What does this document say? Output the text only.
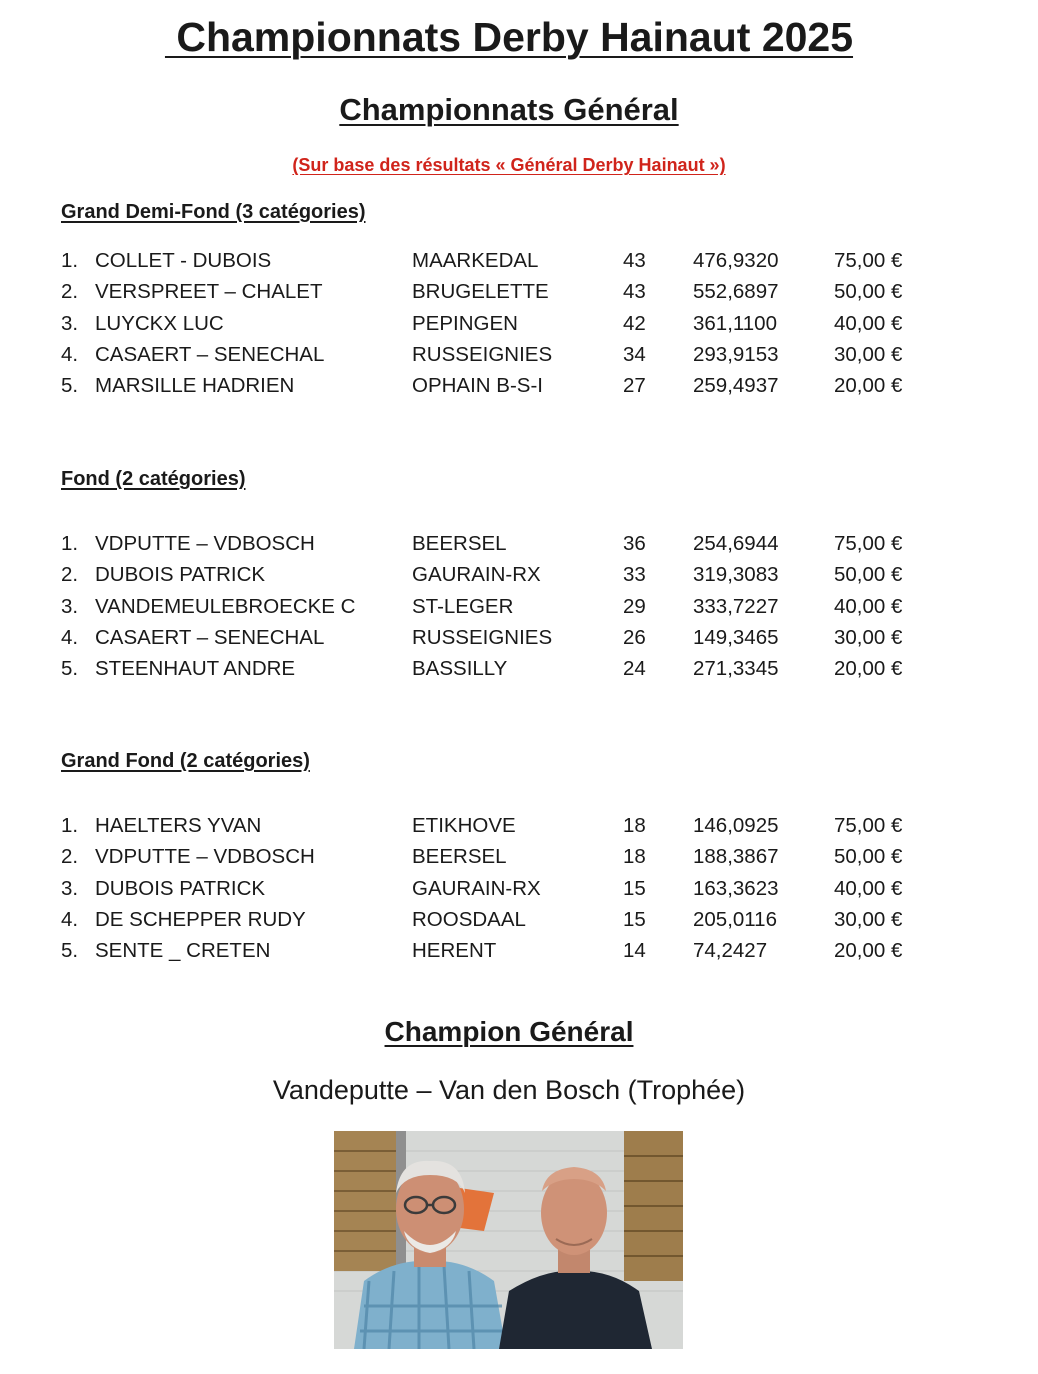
Championnats Derby Hainaut 2025
Championnats Général
(Sur base des résultats « Général Derby Hainaut »)
Grand Demi-Fond (3 catégories)
1. COLLET - DUBOIS	MAARKEDAL	43 476,9320	75,00 €
2. VERSPREET – CHALET	BRUGELETTE	43 552,6897	50,00 €
3. LUYCKX LUC	PEPINGEN	42 361,1100	40,00 €
4. CASAERT – SENECHAL	RUSSEIGNIES	34 293,9153	30,00 €
5. MARSILLE HADRIEN	OPHAIN B-S-I	27 259,4937	20,00 €
Fond (2 catégories)
1. VDPUTTE – VDBOSCH	BEERSEL	36 254,6944	75,00 €
2. DUBOIS PATRICK	GAURAIN-RX	33 319,3083	50,00 €
3. VANDEMEULEBROECKE C	ST-LEGER	29 333,7227	40,00 €
4. CASAERT – SENECHAL	RUSSEIGNIES	26 149,3465	30,00 €
5. STEENHAUT ANDRE	BASSILLY	24 271,3345	20,00 €
Grand Fond (2 catégories)
1. HAELTERS YVAN	ETIKHOVE	18 146,0925	75,00 €
2. VDPUTTE – VDBOSCH	BEERSEL	18 188,3867	50,00 €
3. DUBOIS PATRICK	GAURAIN-RX	15 163,3623	40,00 €
4. DE SCHEPPER RUDY	ROOSDAAL	15 205,0116	30,00 €
5. SENTE _ CRETEN	HERENT	14 74,2427	20,00 €
Champion Général
Vandeputte – Van den Bosch (Trophée)
